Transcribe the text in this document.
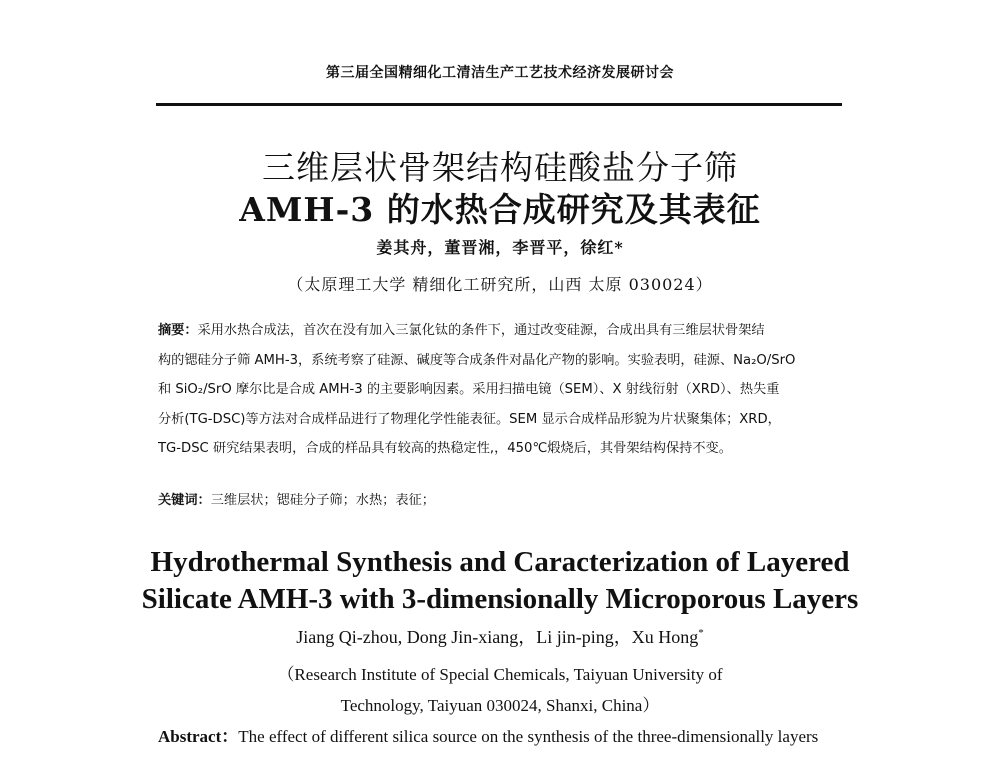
第三届全国精细化工清洁生产工艺技术经济发展研讨会
三维层状骨架结构硅酸盐分子筛
AMH-3 的水热合成研究及其表征
姜其舟，董晋湘，李晋平，徐红*
（太原理工大学 精细化工研究所，山西 太原 030024）
摘要：采用水热合成法，首次在没有加入三氯化钛的条件下，通过改变硅源，合成出具有三维层状骨架结
构的锶硅分子筛 AMH-3，系统考察了硅源、碱度等合成条件对晶化产物的影响。实验表明，硅源、Na₂O/SrO
和 SiO₂/SrO 摩尔比是合成 AMH-3 的主要影响因素。采用扫描电镜（SEM）、X 射线衍射（XRD）、热失重
分析(TG-DSC)等方法对合成样品进行了物理化学性能表征。SEM 显示合成样品形貌为片状聚集体；XRD，
TG-DSC 研究结果表明，合成的样品具有较高的热稳定性,，450℃煅烧后，其骨架结构保持不变。
关键词：三维层状；锶硅分子筛；水热；表征；
Hydrothermal Synthesis and Caracterization of Layered
Silicate AMH-3 with 3-dimensionally Microporous Layers
Jiang Qi-zhou, Dong Jin-xiang，Li jin-ping，Xu Hong*
（Research Institute of Special Chemicals, Taiyuan University of
Technology, Taiyuan 030024, Shanxi, China）
Abstract：The effect of different silica source on the synthesis of the three-dimensionally layers
